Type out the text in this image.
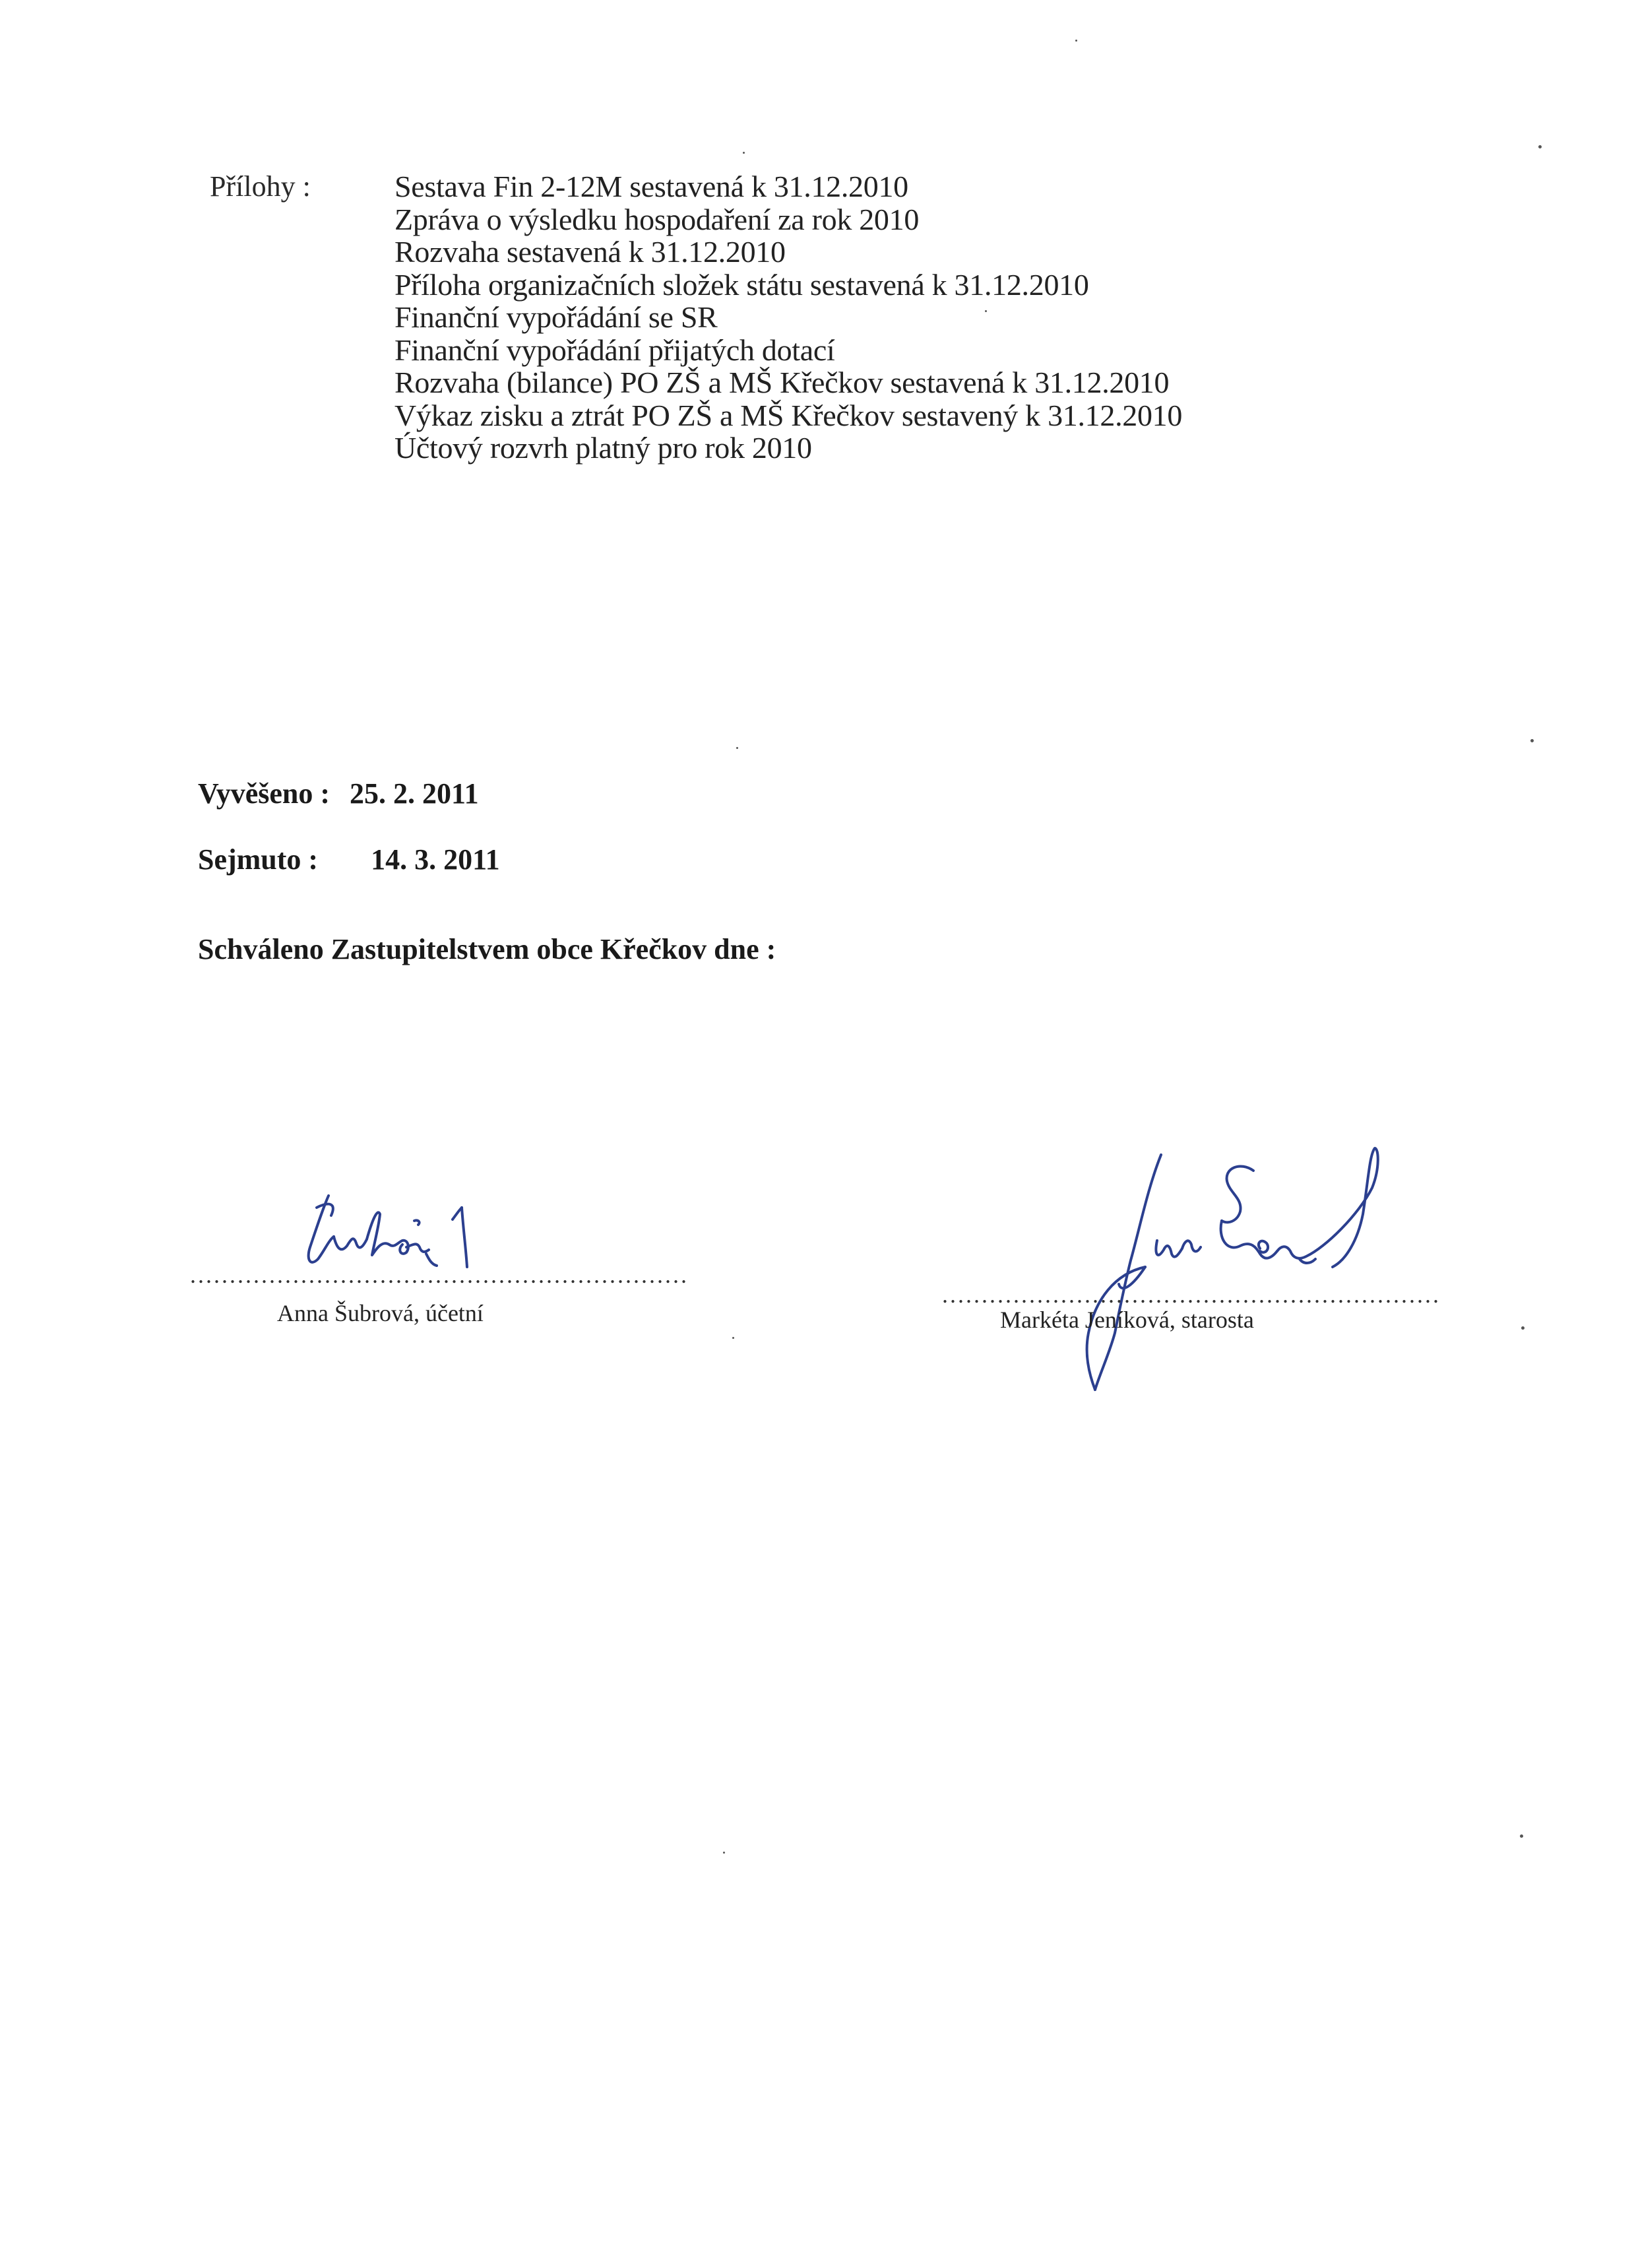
Přílohy :	Sestava Fin 2-12M sestavená k 31.12.2010
Zpráva o výsledku hospodaření za rok 2010
Rozvaha sestavená k 31.12.2010
Příloha organizačních složek státu sestavená k 31.12.2010
Finanční vypořádání se SR
Finanční vypořádání přijatých dotací
Rozvaha (bilance) PO ZŠ a MŠ Křečkov sestavená k 31.12.2010
Výkaz zisku a ztrát PO ZŠ a MŠ Křečkov sestavený k 31.12.2010
Účtový rozvrh platný pro rok 2010
Vyvěšeno : 25. 2. 2011
Sejmuto : 14. 3. 2011
Schváleno Zastupitelstvem obce Křečkov dne :
...............................................................
Anna Šubrová, účetní
...............................................................
Markéta Jeníková, starosta
